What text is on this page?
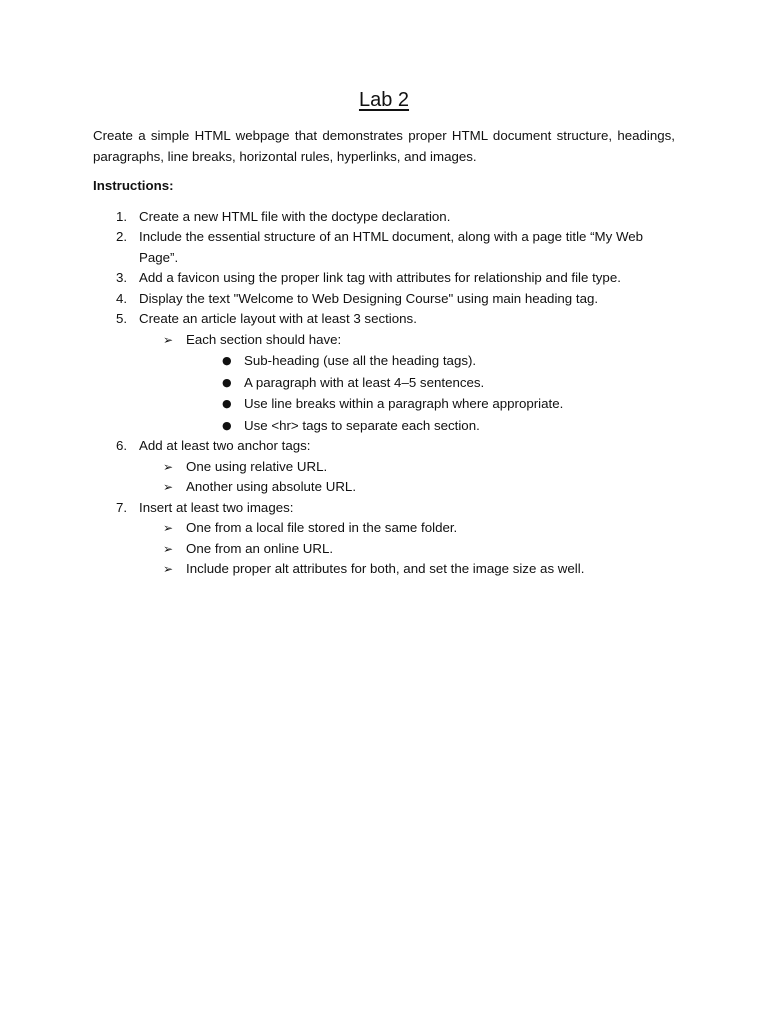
Lab 2

Create a simple HTML webpage that demonstrates proper HTML document structure, headings, paragraphs, line breaks, horizontal rules, hyperlinks, and images.

Instructions:
1. Create a new HTML file with the doctype declaration.
2. Include the essential structure of an HTML document, along with a page title “My Web Page”.
3. Add a favicon using the proper link tag with attributes for relationship and file type.
4. Display the text "Welcome to Web Designing Course" using main heading tag.
5. Create an article layout with at least 3 sections.
➢ Each section should have:
● Sub-heading (use all the heading tags).
● A paragraph with at least 4–5 sentences.
● Use line breaks within a paragraph where appropriate.
● Use <hr> tags to separate each section.
6. Add at least two anchor tags:
➢ One using relative URL.
➢ Another using absolute URL.
7. Insert at least two images:
➢ One from a local file stored in the same folder.
➢ One from an online URL.
➢ Include proper alt attributes for both, and set the image size as well.
